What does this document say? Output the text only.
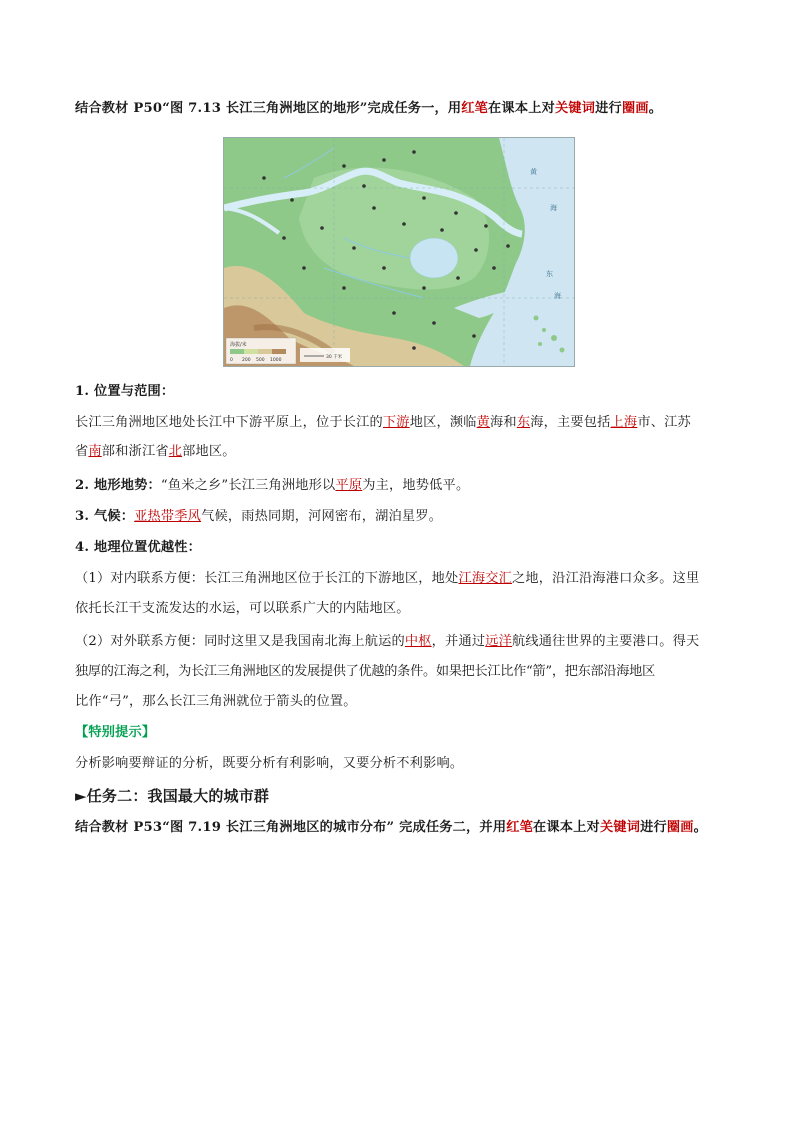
结合教材 P50“图 7.13 长江三角洲地区的地形”完成任务一，用红笔在课本上对关键词进行圈画。
黄
海
东
海
海拔/米
0 200 500 1000
30 千米
1. 位置与范围：
长江三角洲地区地处长江中下游平原上，位于长江的下游地区，濒临黄海和东海，主要包括上海市、江苏
省南部和浙江省北部地区。
2. 地形地势：“鱼米之乡”长江三角洲地形以平原为主，地势低平。
3. 气候：亚热带季风气候，雨热同期，河网密布，湖泊星罗。
4. 地理位置优越性：
（1）对内联系方便：长江三角洲地区位于长江的下游地区，地处江海交汇之地，沿江沿海港口众多。这里
依托长江干支流发达的水运，可以联系广大的内陆地区。
（2）对外联系方便：同时这里又是我国南北海上航运的中枢，并通过远洋航线通往世界的主要港口。得天
独厚的江海之利，为长江三角洲地区的发展提供了优越的条件。如果把长江比作“箭”，把东部沿海地区
比作“弓”，那么长江三角洲就位于箭头的位置。
【特别提示】
分析影响要辩证的分析，既要分析有利影响，又要分析不利影响。
►任务二：我国最大的城市群
结合教材 P53“图 7.19 长江三角洲地区的城市分布” 完成任务二，并用红笔在课本上对关键词进行圈画。
